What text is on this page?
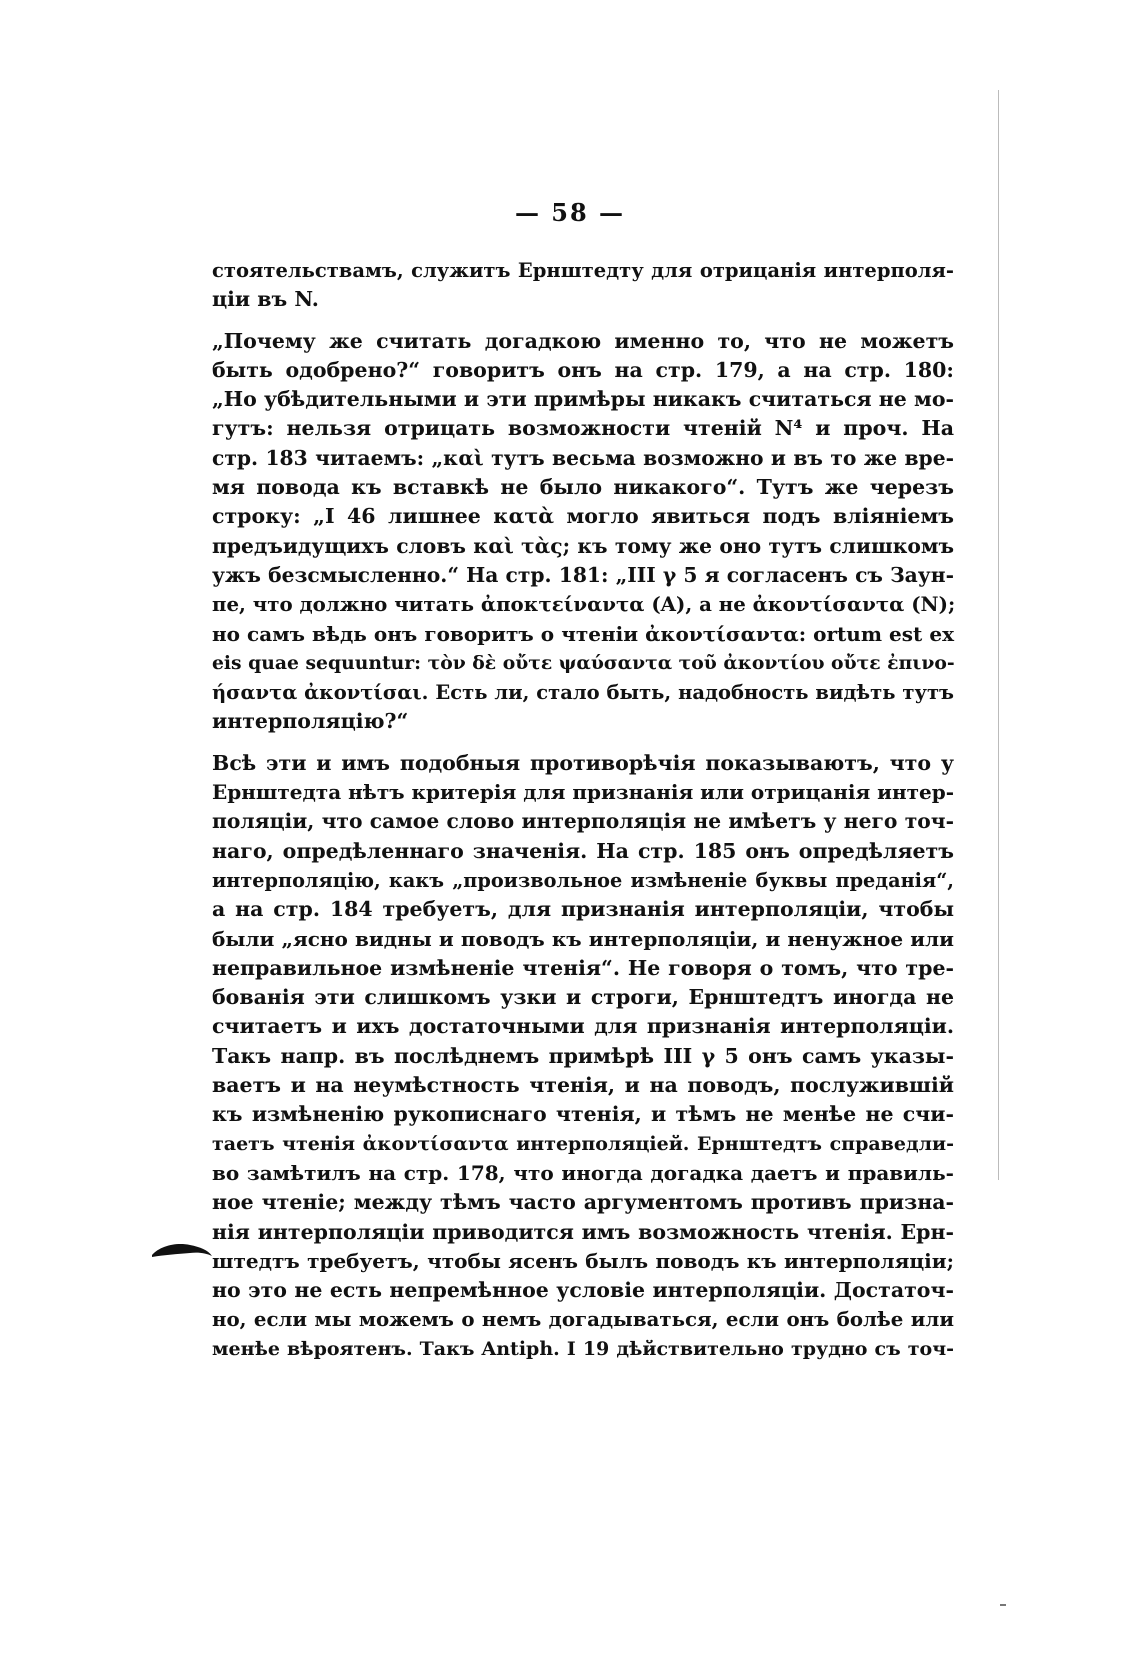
— 58 —

стоятельствамъ, служитъ Ернштедту для отрицанія интерполя-

ціи въ N.

„Почему же считать догадкою именно то, что не можетъ

быть одобрено?“ говоритъ онъ на стр. 179, а на стр. 180:

„Но убѣдительными и эти примѣры никакъ считаться не мо-

гутъ: нельзя отрицать возможности чтеній N⁴ и проч. На

стр. 183 читаемъ: „καὶ тутъ весьма возможно и въ то же вре-

мя повода къ вставкѣ не было никакого“. Тутъ же черезъ

строку: „I 46 лишнее κατὰ могло явиться подъ вліяніемъ

предъидущихъ словъ καὶ τὰς; къ тому же оно тутъ слишкомъ

ужъ безсмысленно.“ На стр. 181: „III γ 5 я согласенъ съ Заун-

пе, что должно читать ἀποκτείναντα (A), а не ἀκοντίσαντα (N);

но самъ вѣдь онъ говоритъ о чтеніи ἀκοντίσαντα: ortum est ex

eis quae sequuntur: τὸν δὲ οὔτε ψαύσαντα τοῦ ἀκοντίου οὔτε ἐπινο-

ήσαντα ἀκοντίσαι. Есть ли, стало быть, надобность видѣть тутъ

интерполяцію?“

Всѣ эти и имъ подобныя противорѣчія показываютъ, что у

Ернштедта нѣтъ критерія для признанія или отрицанія интер-

поляціи, что самое слово интерполяція не имѣетъ у него точ-

наго, опредѣленнаго значенія. На стр. 185 онъ опредѣляетъ

интерполяцію, какъ „произвольное измѣненіе буквы преданія“,

а на стр. 184 требуетъ, для признанія интерполяціи, чтобы

были „ясно видны и поводъ къ интерполяціи, и ненужное или

неправильное измѣненіе чтенія“. Не говоря о томъ, что тре-

бованія эти слишкомъ узки и строги, Ернштедтъ иногда не

считаетъ и ихъ достаточными для признанія интерполяціи.

Такъ напр. въ послѣднемъ примѣрѣ III γ 5 онъ самъ указы-

ваетъ и на неумѣстность чтенія, и на поводъ, послужившій

къ измѣненію рукописнаго чтенія, и тѣмъ не менѣе не счи-

таетъ чтенія ἀκοντίσαντα интерполяціей. Ернштедтъ справедли-

во замѣтилъ на стр. 178, что иногда догадка даетъ и правиль-

ное чтеніе; между тѣмъ часто аргументомъ противъ призна-

нія интерполяціи приводится имъ возможность чтенія. Ерн-

штедтъ требуетъ, чтобы ясенъ былъ поводъ къ интерполяціи;

но это не есть непремѣнное условіе интерполяціи. Достаточ-

но, если мы можемъ о немъ догадываться, если онъ болѣе или

менѣе вѣроятенъ. Такъ Antiph. I 19 дѣйствительно трудно съ точ-
